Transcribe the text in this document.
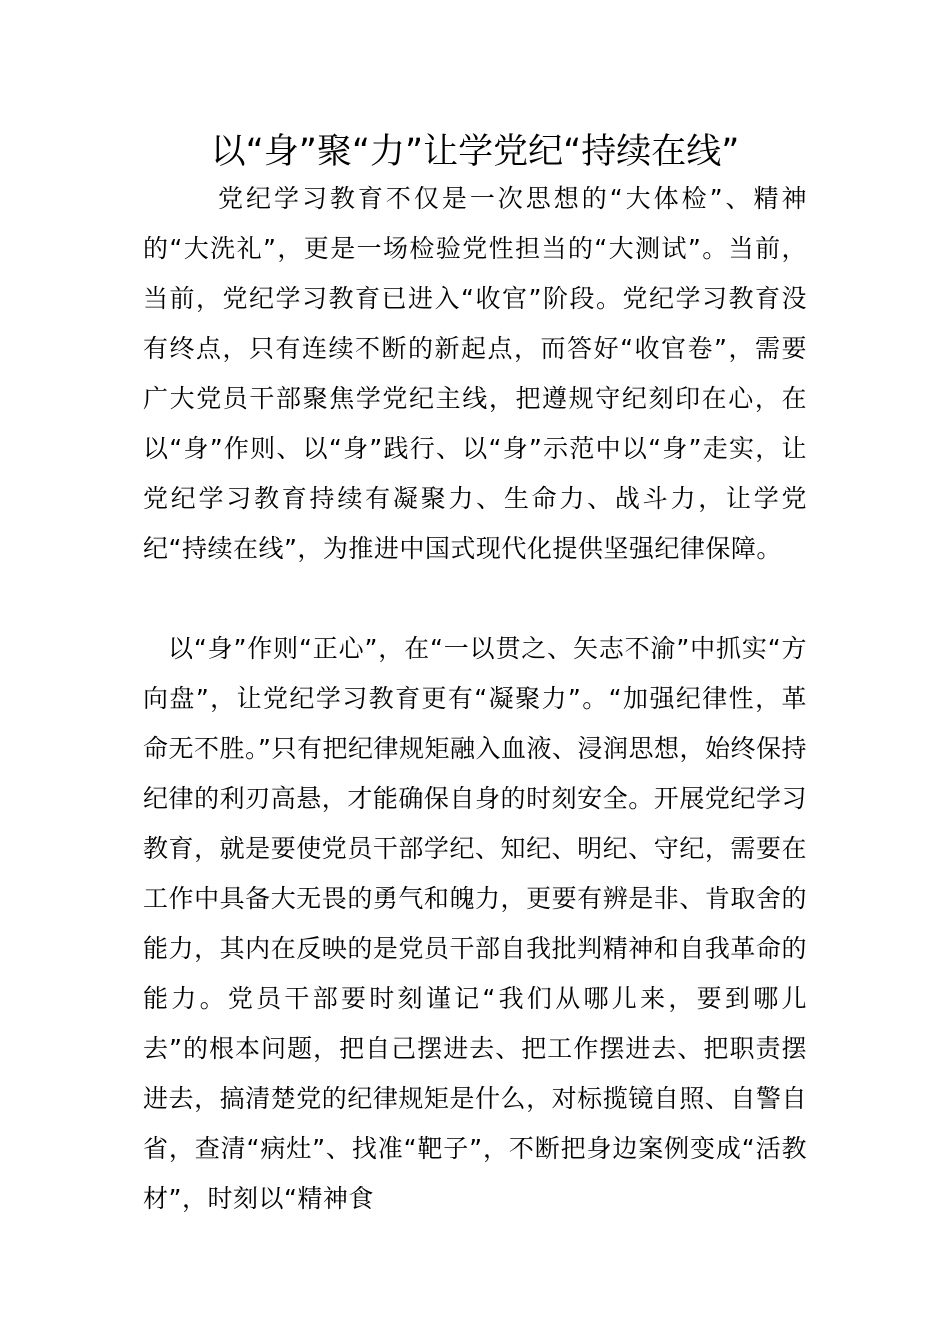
以“身”聚“力”让学党纪“持续在线”

党纪学习教育不仅是一次思想的“大体检”、精神的“大洗礼”，更是一场检验党性担当的“大测试”。当前，当前，党纪学习教育已进入“收官”阶段。党纪学习教育没有终点，只有连续不断的新起点，而答好“收官卷”，需要广大党员干部聚焦学党纪主线，把遵规守纪刻印在心，在以“身”作则、以“身”践行、以“身”示范中以“身”走实，让党纪学习教育持续有凝聚力、生命力、战斗力，让学党纪“持续在线”，为推进中国式现代化提供坚强纪律保障。

以“身”作则“正心”，在“一以贯之、矢志不渝”中抓实“方向盘”，让党纪学习教育更有“凝聚力”。“加强纪律性，革命无不胜。”只有把纪律规矩融入血液、浸润思想，始终保持纪律的利刃高悬，才能确保自身的时刻安全。开展党纪学习教育，就是要使党员干部学纪、知纪、明纪、守纪，需要在工作中具备大无畏的勇气和魄力，更要有辨是非、肯取舍的能力，其内在反映的是党员干部自我批判精神和自我革命的能力。党员干部要时刻谨记“我们从哪儿来，要到哪儿去”的根本问题，把自己摆进去、把工作摆进去、把职责摆进去，搞清楚党的纪律规矩是什么，对标揽镜自照、自警自省，查清“病灶”、找准“靶子”，不断把身边案例变成“活教材”，时刻以“精神食
